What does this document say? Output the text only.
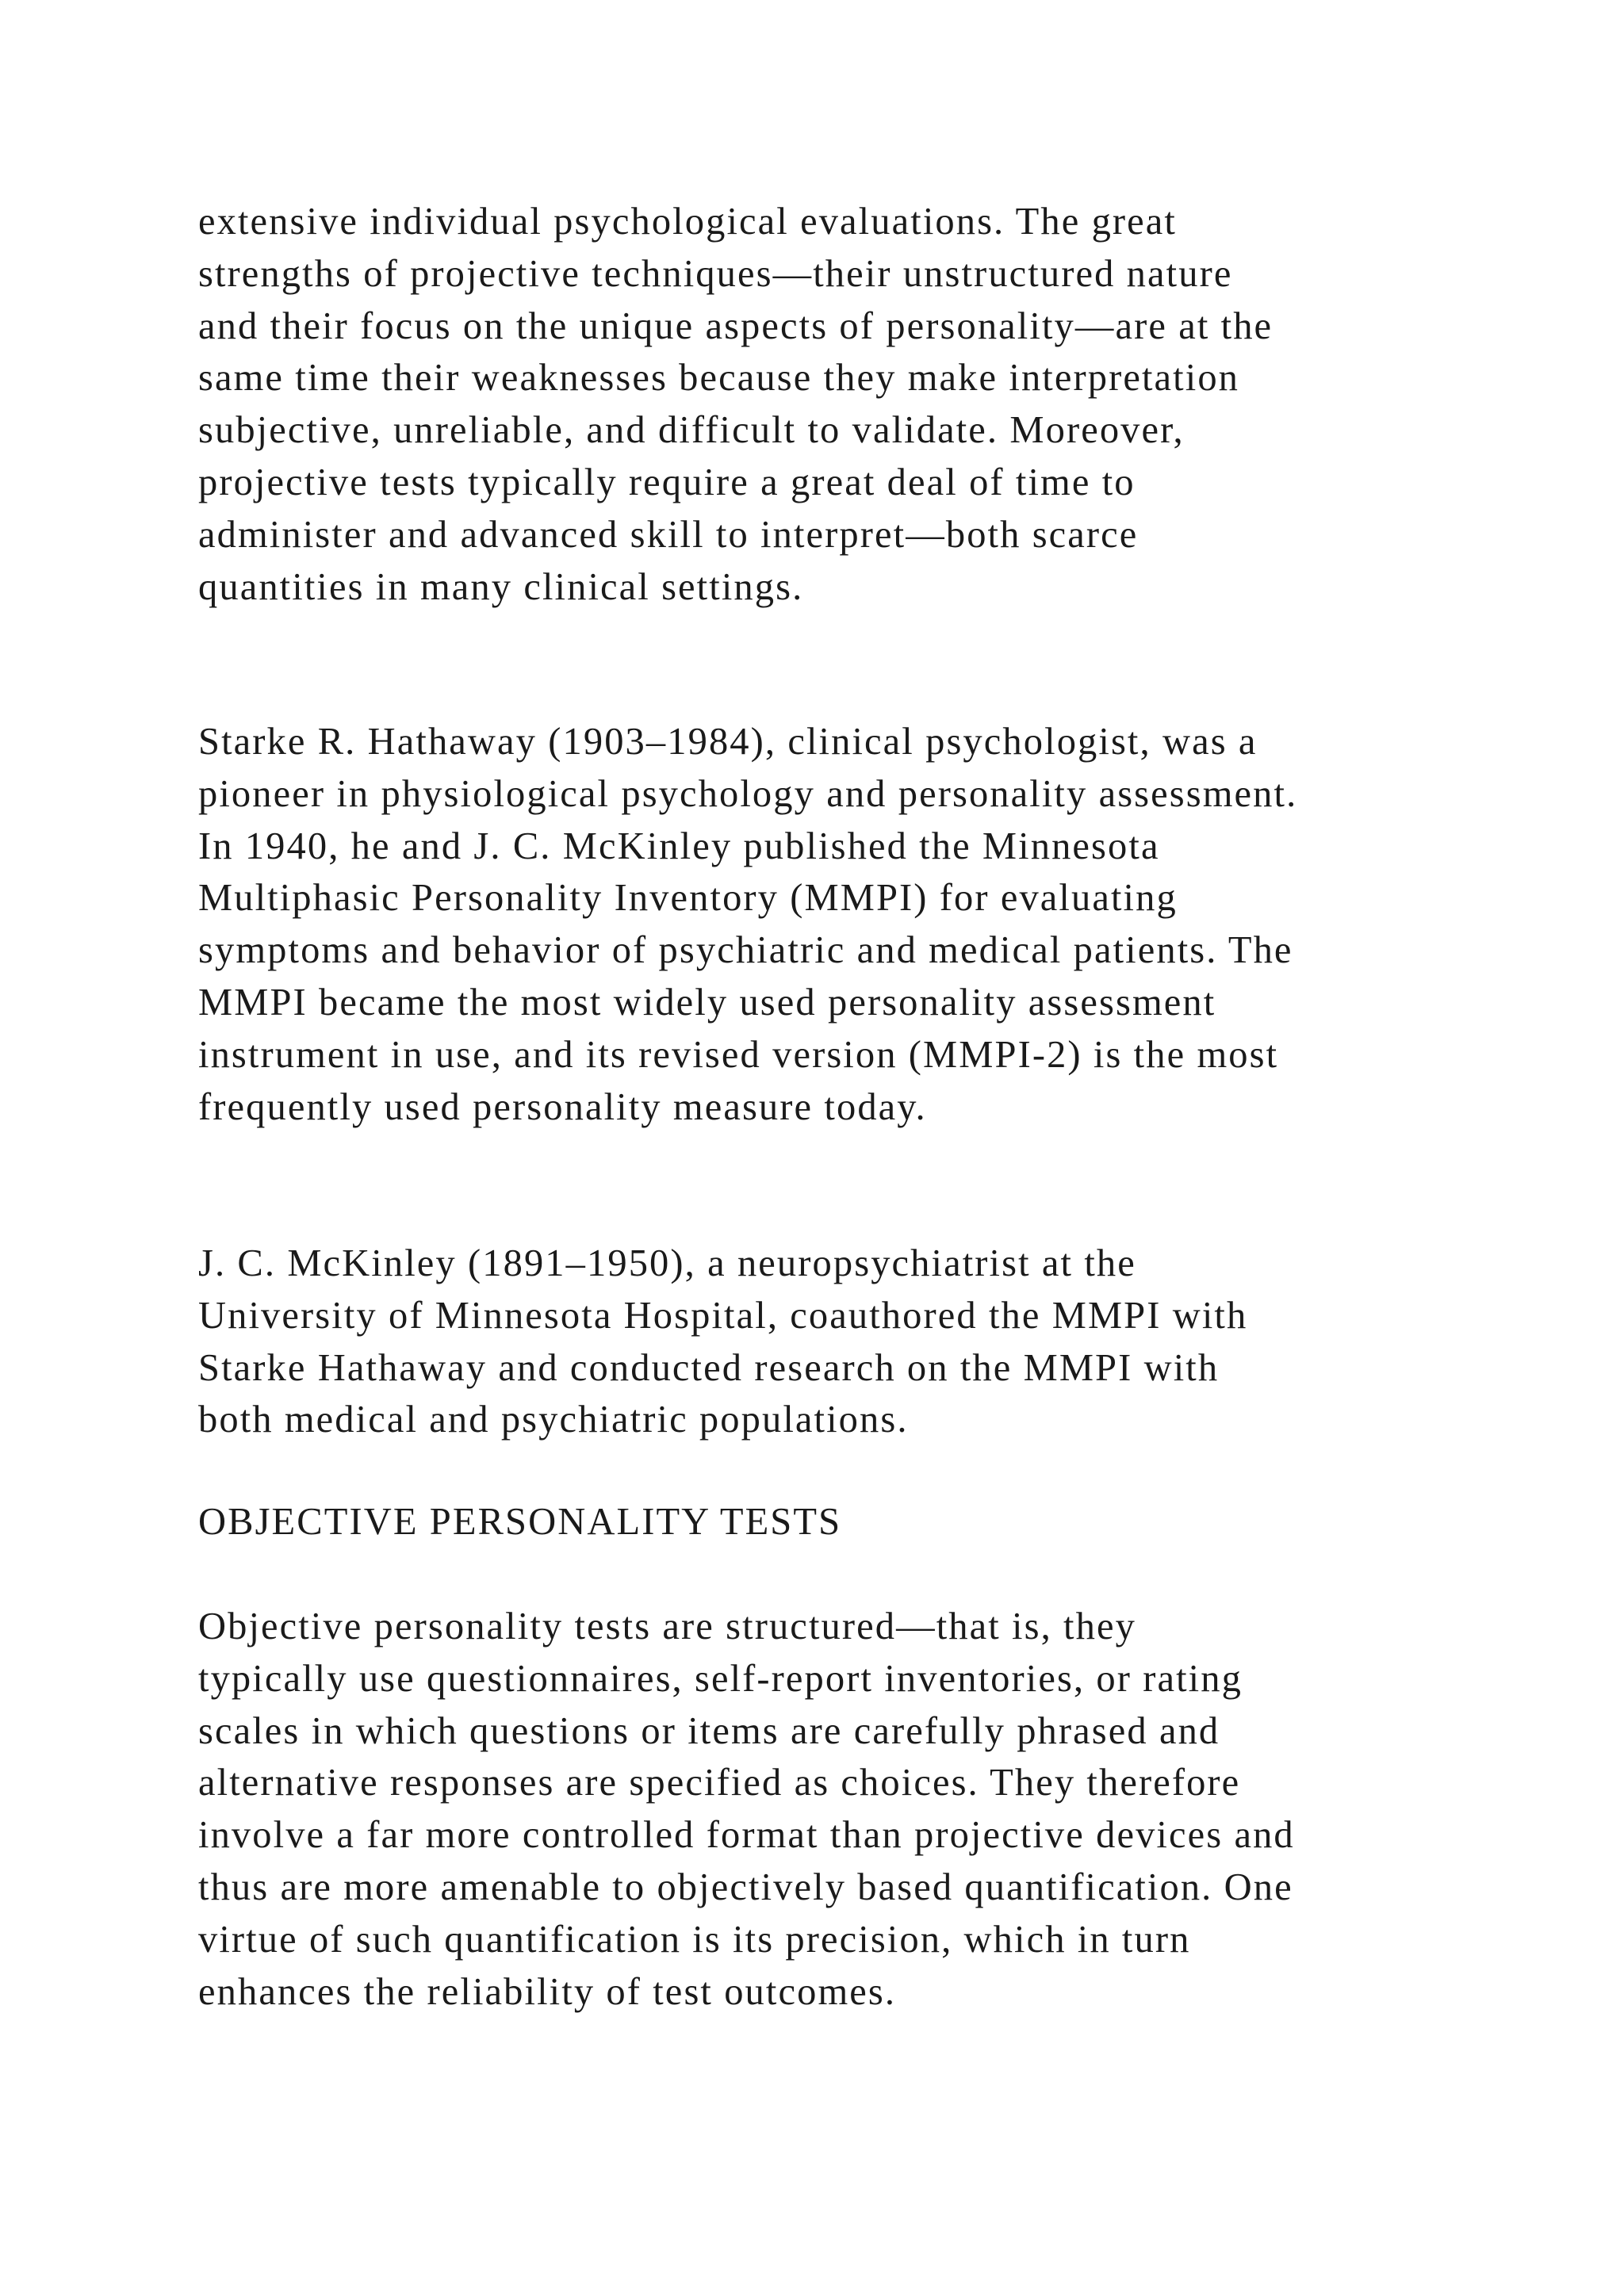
extensive individual psychological evaluations. The great
strengths of projective techniques—their unstructured nature
and their focus on the unique aspects of personality—are at the
same time their weaknesses because they make interpretation
subjective, unreliable, and difficult to validate. Moreover,
projective tests typically require a great deal of time to
administer and advanced skill to interpret—both scarce
quantities in many clinical settings.
Starke R. Hathaway (1903–1984), clinical psychologist, was a
pioneer in physiological psychology and personality assessment.
In 1940, he and J. C. McKinley published the Minnesota
Multiphasic Personality Inventory (MMPI) for evaluating
symptoms and behavior of psychiatric and medical patients. The
MMPI became the most widely used personality assessment
instrument in use, and its revised version (MMPI-2) is the most
frequently used personality measure today.
J. C. McKinley (1891–1950), a neuropsychiatrist at the
University of Minnesota Hospital, coauthored the MMPI with
Starke Hathaway and conducted research on the MMPI with
both medical and psychiatric populations.
OBJECTIVE PERSONALITY TESTS
Objective personality tests are structured—that is, they
typically use questionnaires, self-report inventories, or rating
scales in which questions or items are carefully phrased and
alternative responses are specified as choices. They therefore
involve a far more controlled format than projective devices and
thus are more amenable to objectively based quantification. One
virtue of such quantification is its precision, which in turn
enhances the reliability of test outcomes.
